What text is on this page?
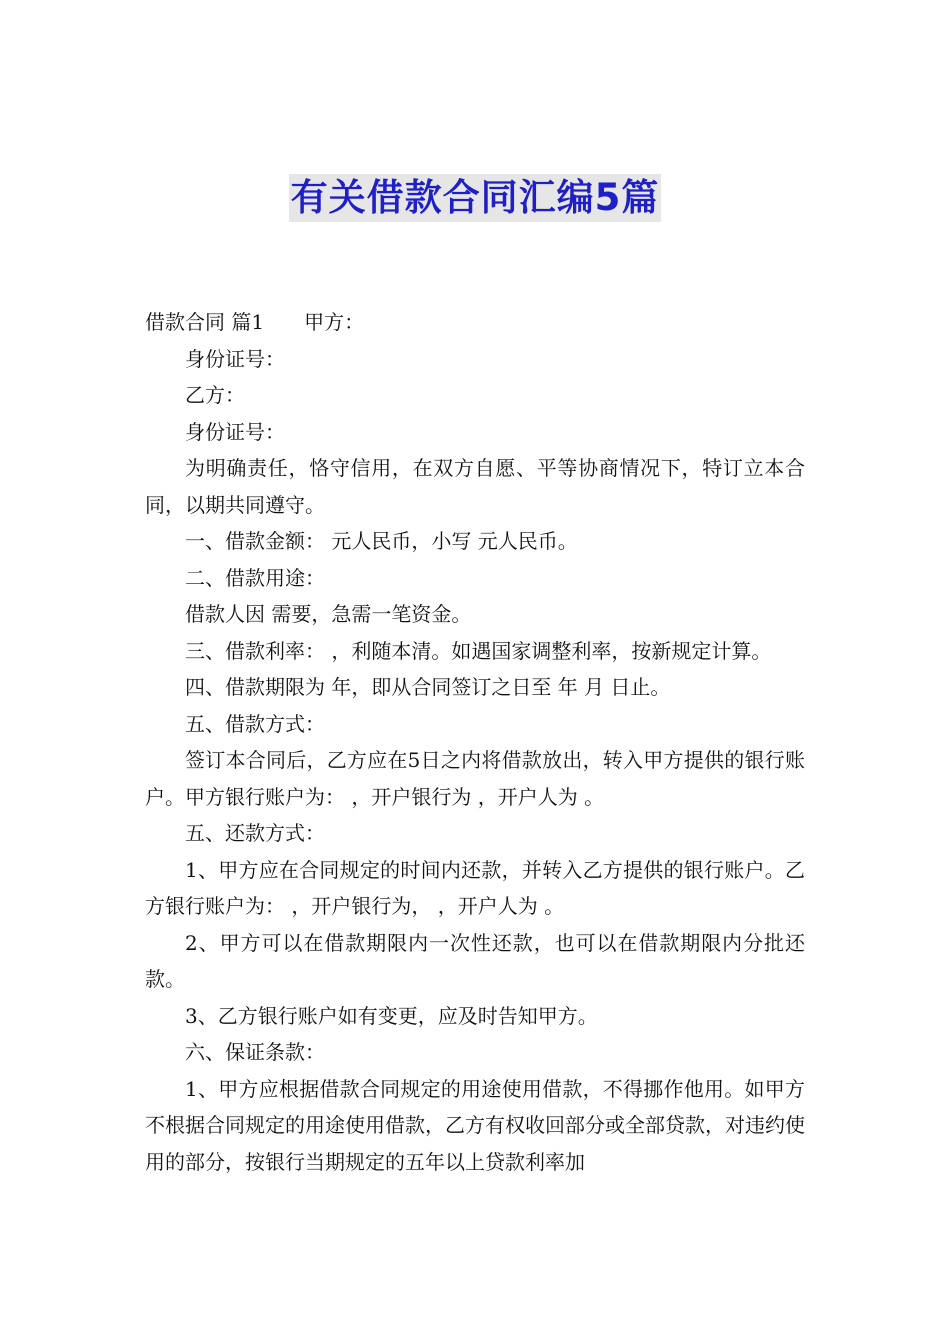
有关借款合同汇编5篇

借款合同 篇1 甲方：

身份证号：

乙方：

身份证号：

为明确责任，恪守信用，在双方自愿、平等协商情况下，特订立本合同，以期共同遵守。

一、借款金额： 元人民币，小写 元人民币。

二、借款用途：

借款人因 需要，急需一笔资金。

三、借款利率： ，利随本清。如遇国家调整利率，按新规定计算。

四、借款期限为 年，即从合同签订之日至 年 月 日止。

五、借款方式：

签订本合同后，乙方应在5日之内将借款放出，转入甲方提供的银行账户。甲方银行账户为： ，开户银行为 ，开户人为 。

五、还款方式：

1、甲方应在合同规定的时间内还款，并转入乙方提供的银行账户。乙方银行账户为： ，开户银行为， ，开户人为 。

2、甲方可以在借款期限内一次性还款，也可以在借款期限内分批还款。

3、乙方银行账户如有变更，应及时告知甲方。

六、保证条款：

1、甲方应根据借款合同规定的用途使用借款，不得挪作他用。如甲方不根据合同规定的用途使用借款，乙方有权收回部分或全部贷款，对违约使用的部分，按银行当期规定的五年以上贷款利率加
